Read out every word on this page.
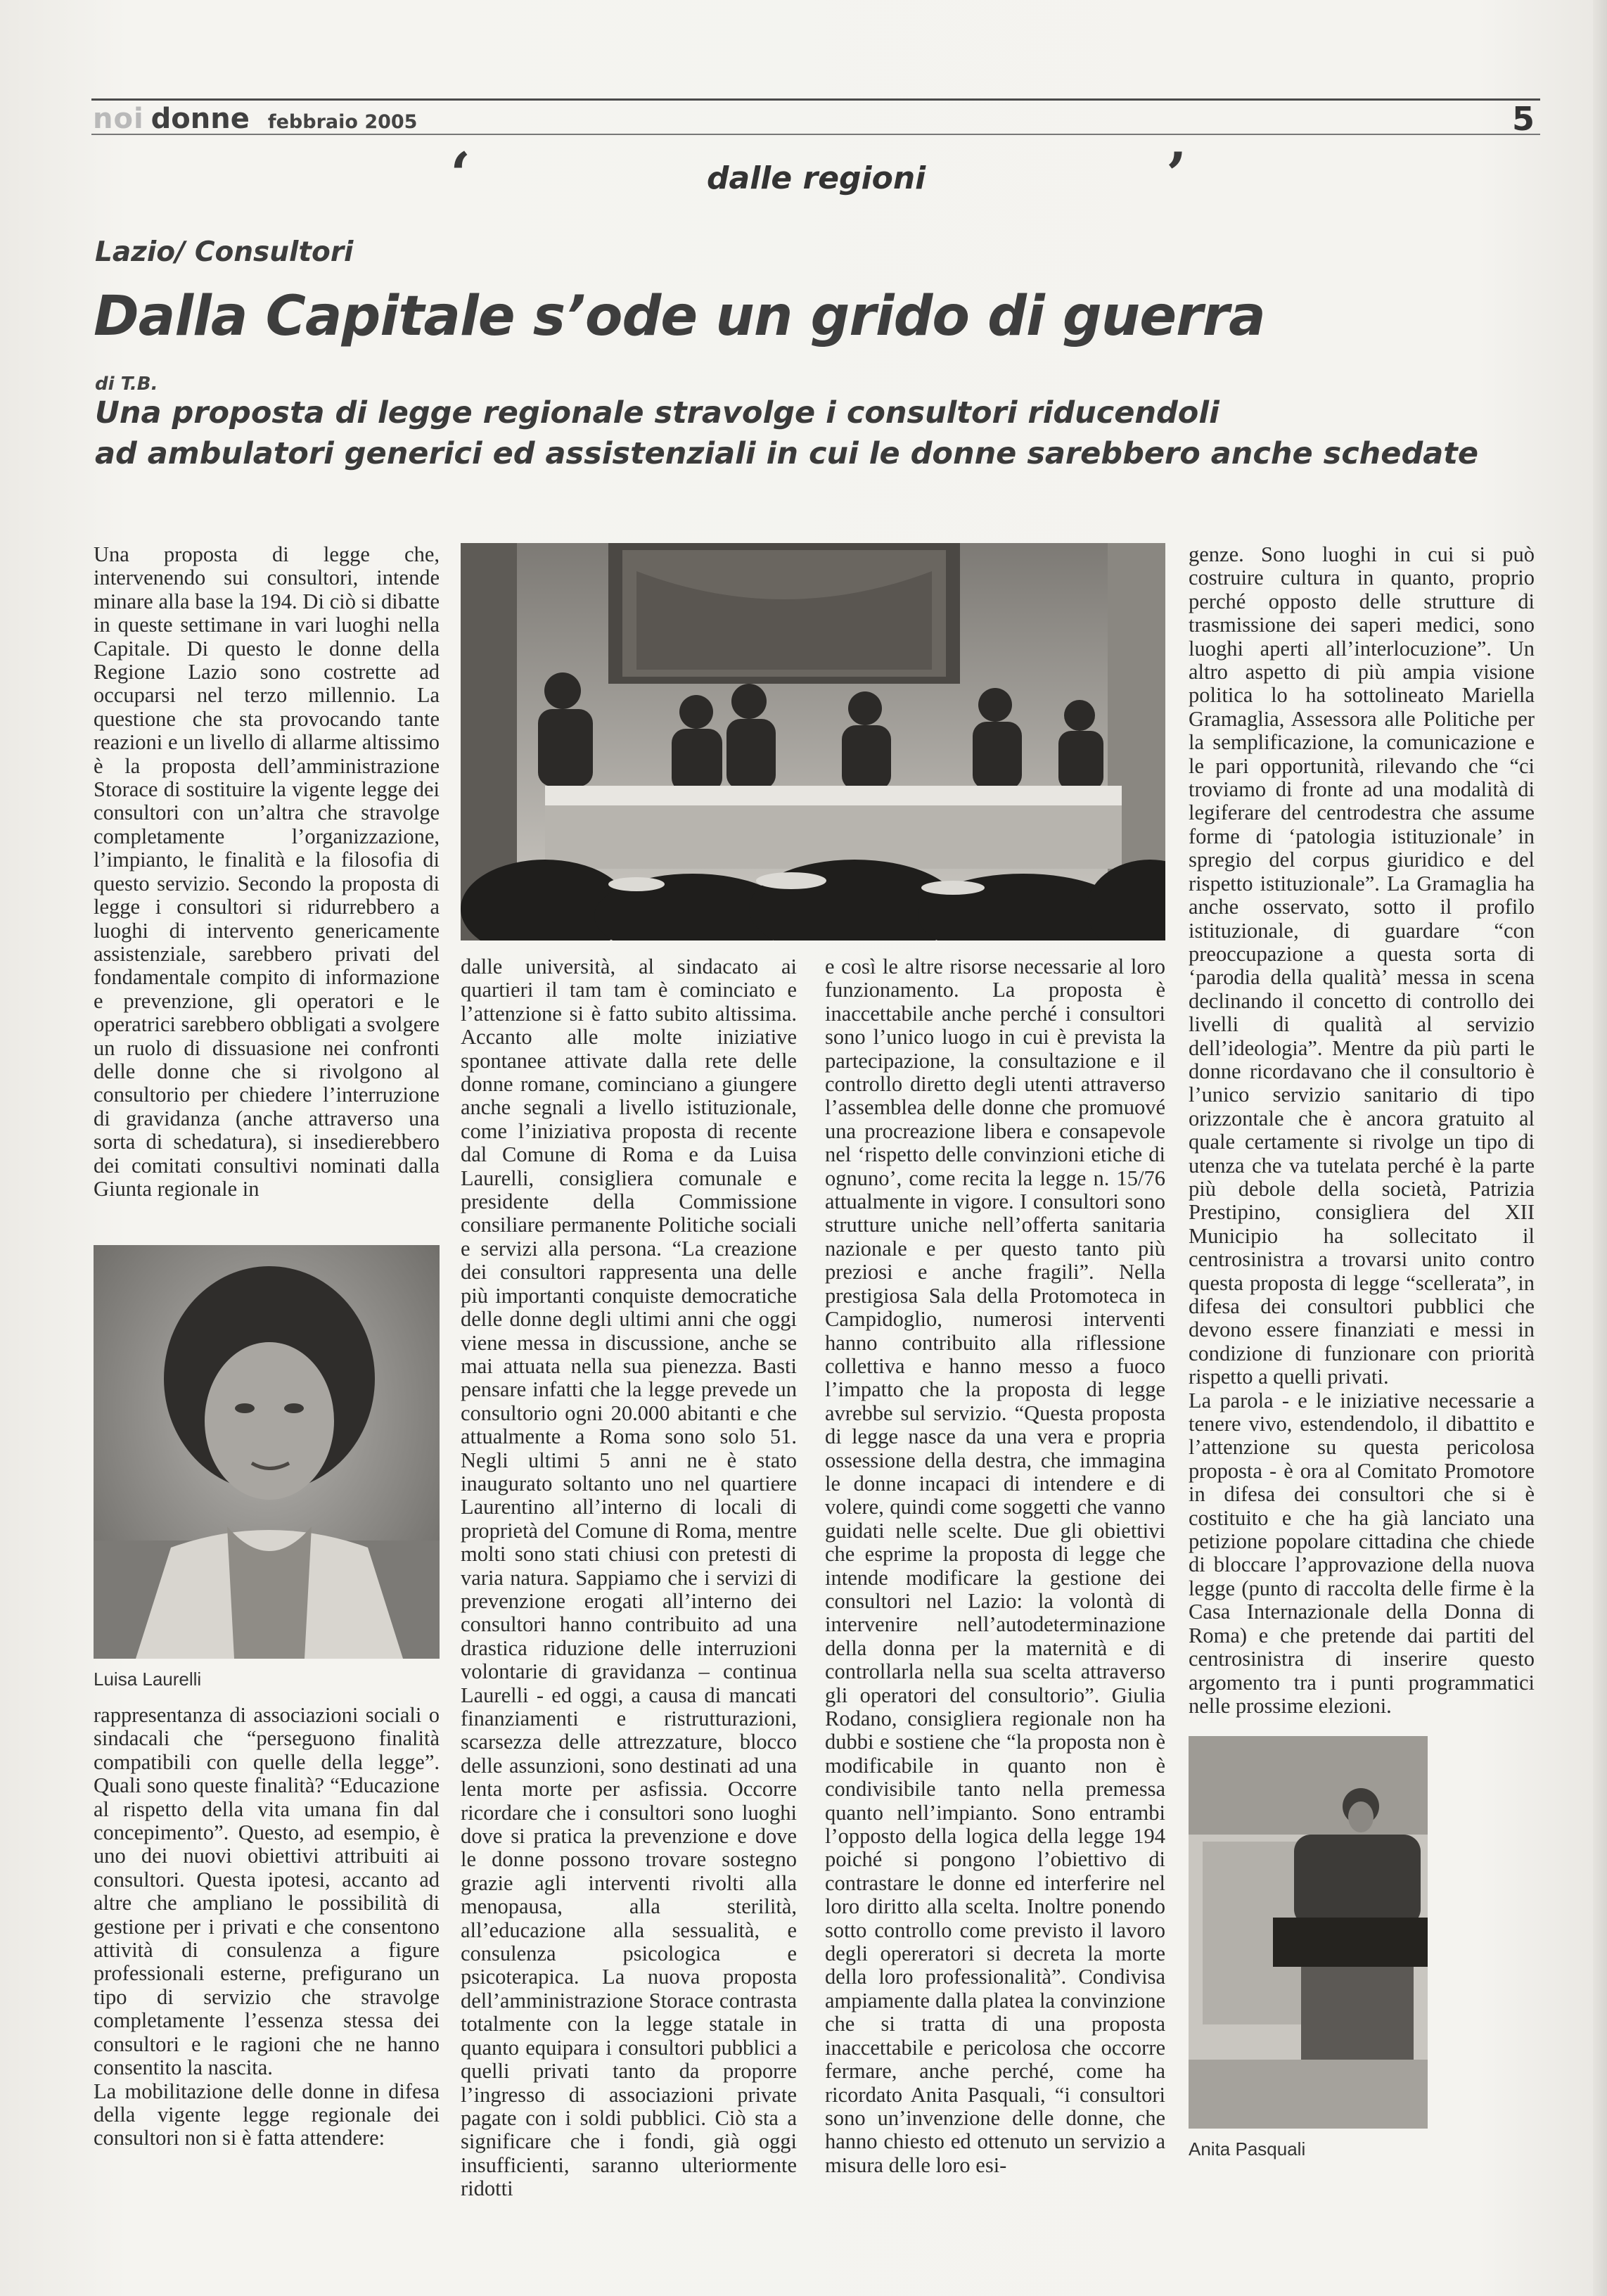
noi donne febbraio 2005	5
‘	dalle regioni	’
Lazio/ Consultori
Dalla Capitale s’ode un grido di guerra
di T.B.
Una proposta di legge regionale stravolge i consultori riducendoli
ad ambulatori generici ed assistenziali in cui le donne sarebbero anche schedate

Una proposta di legge che, intervenendo sui consultori, intende minare alla base la 194. Di ciò si dibatte in queste settimane in vari luoghi nella Capitale. Di questo le donne della Regione Lazio sono costrette ad occuparsi nel terzo millennio. La questione che sta provocando tante reazioni e un livello di allarme altissimo è la proposta dell’amministrazione Storace di sostituire la vigente legge dei consultori con un’altra che stravolge completamente l’organizzazione, l’impianto, le finalità e la filosofia di questo servizio. Secondo la proposta di legge i consultori si ridurrebbero a luoghi di intervento genericamente assistenziale, sarebbero privati del fondamentale compito di informazione e prevenzione, gli operatori e le operatrici sarebbero obbligati a svolgere un ruolo di dissuasione nei confronti delle donne che si rivolgono al consultorio per chiedere l’interruzione di gravidanza (anche attraverso una sorta di schedatura), si insedierebbero dei comitati consultivi nominati dalla Giunta regionale in

Luisa Laurelli

rappresentanza di associazioni sociali o sindacali che “perseguono finalità compatibili con quelle della legge”. Quali sono queste finalità? “Educazione al rispetto della vita umana fin dal concepimento”. Questo, ad esempio, è uno dei nuovi obiettivi attribuiti ai consultori. Questa ipotesi, accanto ad altre che ampliano le possibilità di gestione per i privati e che consentono attività di consulenza a figure professionali esterne, prefigurano un tipo di servizio che stravolge completamente l’essenza stessa dei consultori e le ragioni che ne hanno consentito la nascita.

La mobilitazione delle donne in difesa della vigente legge regionale dei consultori non si è fatta attendere:

dalle università, al sindacato ai quartieri il tam tam è cominciato e l’attenzione si è fatto subito altissima. Accanto alle molte iniziative spontanee attivate dalla rete delle donne romane, cominciano a giungere anche segnali a livello istituzionale, come l’iniziativa proposta di recente dal Comune di Roma e da Luisa Laurelli, consigliera comunale e presidente della Commissione consiliare permanente Politiche sociali e servizi alla persona. “La creazione dei consultori rappresenta una delle più importanti conquiste democratiche delle donne degli ultimi anni che oggi viene messa in discussione, anche se mai attuata nella sua pienezza. Basti pensare infatti che la legge prevede un consultorio ogni 20.000 abitanti e che attualmente a Roma sono solo 51. Negli ultimi 5 anni ne è stato inaugurato soltanto uno nel quartiere Laurentino all’interno di locali di proprietà del Comune di Roma, mentre molti sono stati chiusi con pretesti di varia natura. Sappiamo che i servizi di prevenzione erogati all’interno dei consultori hanno contribuito ad una drastica riduzione delle interruzioni volontarie di gravidanza – continua Laurelli - ed oggi, a causa di mancati finanziamenti e ristrutturazioni, scarsezza delle attrezzature, blocco delle assunzioni, sono destinati ad una lenta morte per asfissia. Occorre ricordare che i consultori sono luoghi dove si pratica la prevenzione e dove le donne possono trovare sostegno grazie agli interventi rivolti alla menopausa, alla sterilità, all’educazione alla sessualità, e consulenza psicologica e psicoterapica. La nuova proposta dell’amministrazione Storace contrasta totalmente con la legge statale in quanto equipara i consultori pubblici a quelli privati tanto da proporre l’ingresso di associazioni private pagate con i soldi pubblici. Ciò sta a significare che i fondi, già oggi insufficienti, saranno ulteriormente ridotti

e così le altre risorse necessarie al loro funzionamento. La proposta è inaccettabile anche perché i consultori sono l’unico luogo in cui è prevista la partecipazione, la consultazione e il controllo diretto degli utenti attraverso l’assemblea delle donne che promuové una procreazione libera e consapevole nel ‘rispetto delle convinzioni etiche di ognuno’, come recita la legge n. 15/76 attualmente in vigore. I consultori sono strutture uniche nell’offerta sanitaria nazionale e per questo tanto più preziosi e anche fragili”. Nella prestigiosa Sala della Protomoteca in Campidoglio, numerosi interventi hanno contribuito alla riflessione collettiva e hanno messo a fuoco l’impatto che la proposta di legge avrebbe sul servizio. “Questa proposta di legge nasce da una vera e propria ossessione della destra, che immagina le donne incapaci di intendere e di volere, quindi come soggetti che vanno guidati nelle scelte. Due gli obiettivi che esprime la proposta di legge che intende modificare la gestione dei consultori nel Lazio: la volontà di intervenire nell’autodeterminazione della donna per la maternità e di controllarla nella sua scelta attraverso gli operatori del consultorio”. Giulia Rodano, consigliera regionale non ha dubbi e sostiene che “la proposta non è modificabile in quanto non è condivisibile tanto nella premessa quanto nell’impianto. Sono entrambi l’opposto della logica della legge 194 poiché si pongono l’obiettivo di contrastare le donne ed interferire nel loro diritto alla scelta. Inoltre ponendo sotto controllo come previsto il lavoro degli opereratori si decreta la morte della loro professionalità”. Condivisa ampiamente dalla platea la convinzione che si tratta di una proposta inaccettabile e pericolosa che occorre fermare, anche perché, come ha ricordato Anita Pasquali, “i consultori sono un’invenzione delle donne, che hanno chiesto ed ottenuto un servizio a misura delle loro esi-

genze. Sono luoghi in cui si può costruire cultura in quanto, proprio perché opposto delle strutture di trasmissione dei saperi medici, sono luoghi aperti all’interlocuzione”. Un altro aspetto di più ampia visione politica lo ha sottolineato Mariella Gramaglia, Assessora alle Politiche per la semplificazione, la comunicazione e le pari opportunità, rilevando che “ci troviamo di fronte ad una modalità di legiferare del centrodestra che assume forme di ‘patologia istituzionale’ in spregio del corpus giuridico e del rispetto istituzionale”. La Gramaglia ha anche osservato, sotto il profilo istituzionale, di guardare “con preoccupazione a questa sorta di ‘parodia della qualità’ messa in scena declinando il concetto di controllo dei livelli di qualità al servizio dell’ideologia”. Mentre da più parti le donne ricordavano che il consultorio è l’unico servizio sanitario di tipo orizzontale che è ancora gratuito al quale certamente si rivolge un tipo di utenza che va tutelata perché è la parte più debole della società, Patrizia Prestipino, consigliera del XII Municipio ha sollecitato il centrosinistra a trovarsi unito contro questa proposta di legge “scellerata”, in difesa dei consultori pubblici che devono essere finanziati e messi in condizione di funzionare con priorità rispetto a quelli privati.

La parola - e le iniziative necessarie a tenere vivo, estendendolo, il dibattito e l’attenzione su questa pericolosa proposta - è ora al Comitato Promotore in difesa dei consultori che si è costituito e che ha già lanciato una petizione popolare cittadina che chiede di bloccare l’approvazione della nuova legge (punto di raccolta delle firme è la Casa Internazionale della Donna di Roma) e che pretende dai partiti del centrosinistra di inserire questo argomento tra i punti programmatici nelle prossime elezioni.

Anita Pasquali
